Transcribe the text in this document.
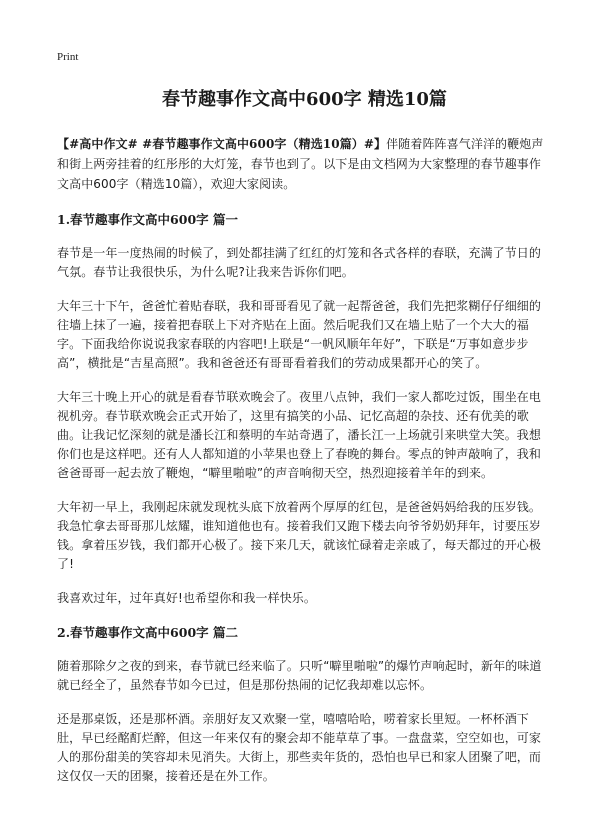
Print
春节趣事作文高中600字 精选10篇

【#高中作文# #春节趣事作文高中600字（精选10篇）#】伴随着阵阵喜气洋洋的鞭炮声和街上两旁挂着的红彤彤的大灯笼，春节也到了。以下是由文档网为大家整理的春节趣事作文高中600字（精选10篇），欢迎大家阅读。

1.春节趣事作文高中600字 篇一

春节是一年一度热闹的时候了，到处都挂满了红红的灯笼和各式各样的春联，充满了节日的气氛。春节让我很快乐，为什么呢?让我来告诉你们吧。

大年三十下午，爸爸忙着贴春联，我和哥哥看见了就一起帮爸爸，我们先把浆糊仔仔细细的往墙上抹了一遍，接着把春联上下对齐贴在上面。然后呢我们又在墙上贴了一个大大的福字。下面我给你说说我家春联的内容吧!上联是“一帆风顺年年好”，下联是“万事如意步步高”，横批是“吉星高照”。我和爸爸还有哥哥看着我们的劳动成果都开心的笑了。

大年三十晚上开心的就是看春节联欢晚会了。夜里八点钟，我们一家人都吃过饭，围坐在电视机旁。春节联欢晚会正式开始了，这里有搞笑的小品、记忆高超的杂技、还有优美的歌曲。让我记忆深刻的就是潘长江和蔡明的车站奇遇了，潘长江一上场就引来哄堂大笑。我想你们也是这样吧。还有人人都知道的小苹果也登上了春晚的舞台。零点的钟声敲响了，我和爸爸哥哥一起去放了鞭炮，“噼里啪啦”的声音响彻天空，热烈迎接着羊年的到来。

大年初一早上，我刚起床就发现枕头底下放着两个厚厚的红包，是爸爸妈妈给我的压岁钱。我急忙拿去哥哥那儿炫耀，谁知道他也有。接着我们又跑下楼去向爷爷奶奶拜年，讨要压岁钱。拿着压岁钱，我们都开心极了。接下来几天，就该忙碌着走亲戚了，每天都过的开心极了!

我喜欢过年，过年真好!也希望你和我一样快乐。

2.春节趣事作文高中600字 篇二

随着那除夕之夜的到来，春节就已经来临了。只听“噼里啪啦”的爆竹声响起时，新年的味道就已经全了，虽然春节如今已过，但是那份热闹的记忆我却难以忘怀。

还是那桌饭，还是那杯酒。亲朋好友又欢聚一堂，嘻嘻哈哈，唠着家长里短。一杯杯酒下肚，早已经酩酊烂醉，但这一年来仅有的聚会却不能草草了事。一盘盘菜，空空如也，可家人的那份甜美的笑容却未见消失。大街上，那些卖年货的，恐怕也早已和家人团聚了吧，而这仅仅一天的团聚，接着还是在外工作。
